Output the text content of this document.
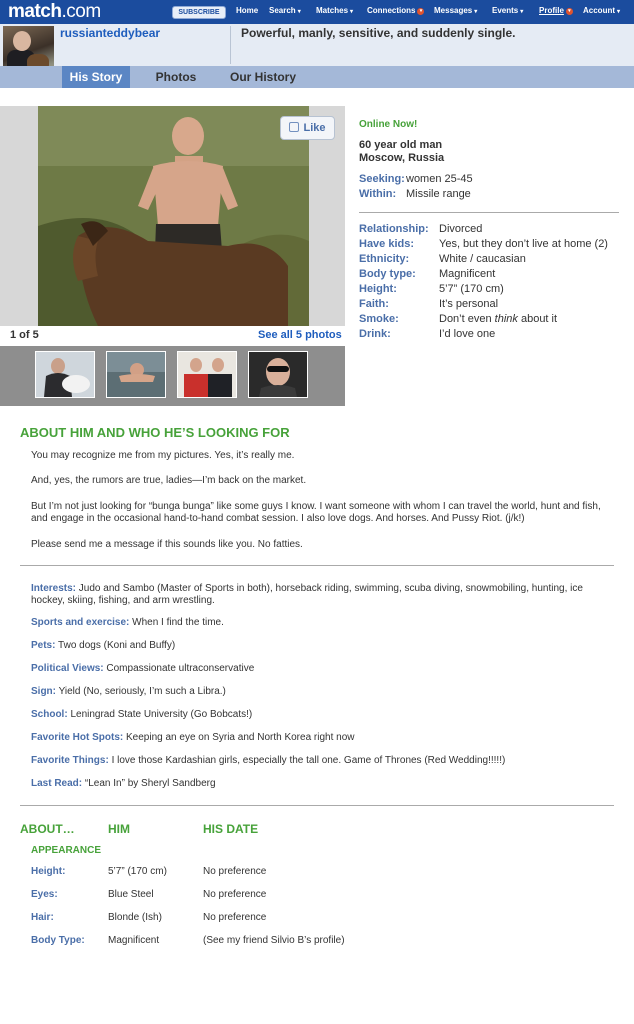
match.com	SUBSCRIBE	Home Search ▾ Matches ▾ Connections ▾ Messages ▾ Events ▾ Profile ▾ Account ▾
russianteddybear	Powerful, manly, sensitive, and suddenly single.
His Story	Photos	Our History
Like
1 of 5	See all 5 photos
Online Now!
60 year old man
Moscow, Russia
Seeking: women 25-45
Within: Missile range
Relationship: Divorced
Have kids: Yes, but they don’t live at home (2)
Ethnicity:	White / caucasian
Body type: Magnificent
Height:	5’7” (170 cm)
Faith:	It’s personal
Smoke:	Don’t even think about it
Drink:	I’d love one
ABOUT HIM AND WHO HE’S LOOKING FOR
You may recognize me from my pictures. Yes, it’s really me.
And, yes, the rumors are true, ladies—I’m back on the market.
But I’m not just looking for “bunga bunga” like some guys I know. I want someone with whom I can travel the world, hunt and fish, and engage in the occasional hand-to-hand combat session. I also love dogs. And horses. And Pussy Riot. (j/k!)
Please send me a message if this sounds like you. No fatties.
Interests: Judo and Sambo (Master of Sports in both), horseback riding, swimming, scuba diving, snowmobiling, hunting, ice hockey, skiing, fishing, and arm wrestling.
Sports and exercise: When I find the time.
Pets: Two dogs (Koni and Buffy)
Political Views: Compassionate ultraconservative
Sign: Yield (No, seriously, I’m such a Libra.)
School: Leningrad State University (Go Bobcats!)
Favorite Hot Spots: Keeping an eye on Syria and North Korea right now
Favorite Things: I love those Kardashian girls, especially the tall one. Game of Thrones (Red Wedding!!!!!)
Last Read: “Lean In” by Sheryl Sandberg
ABOUT…	HIM	HIS DATE
APPEARANCE
Height:	5’7” (170 cm)	No preference
Eyes:	Blue Steel	No preference
Hair:	Blonde (Ish)	No preference
Body Type: Magnificent	(See my friend Silvio B’s profile)
